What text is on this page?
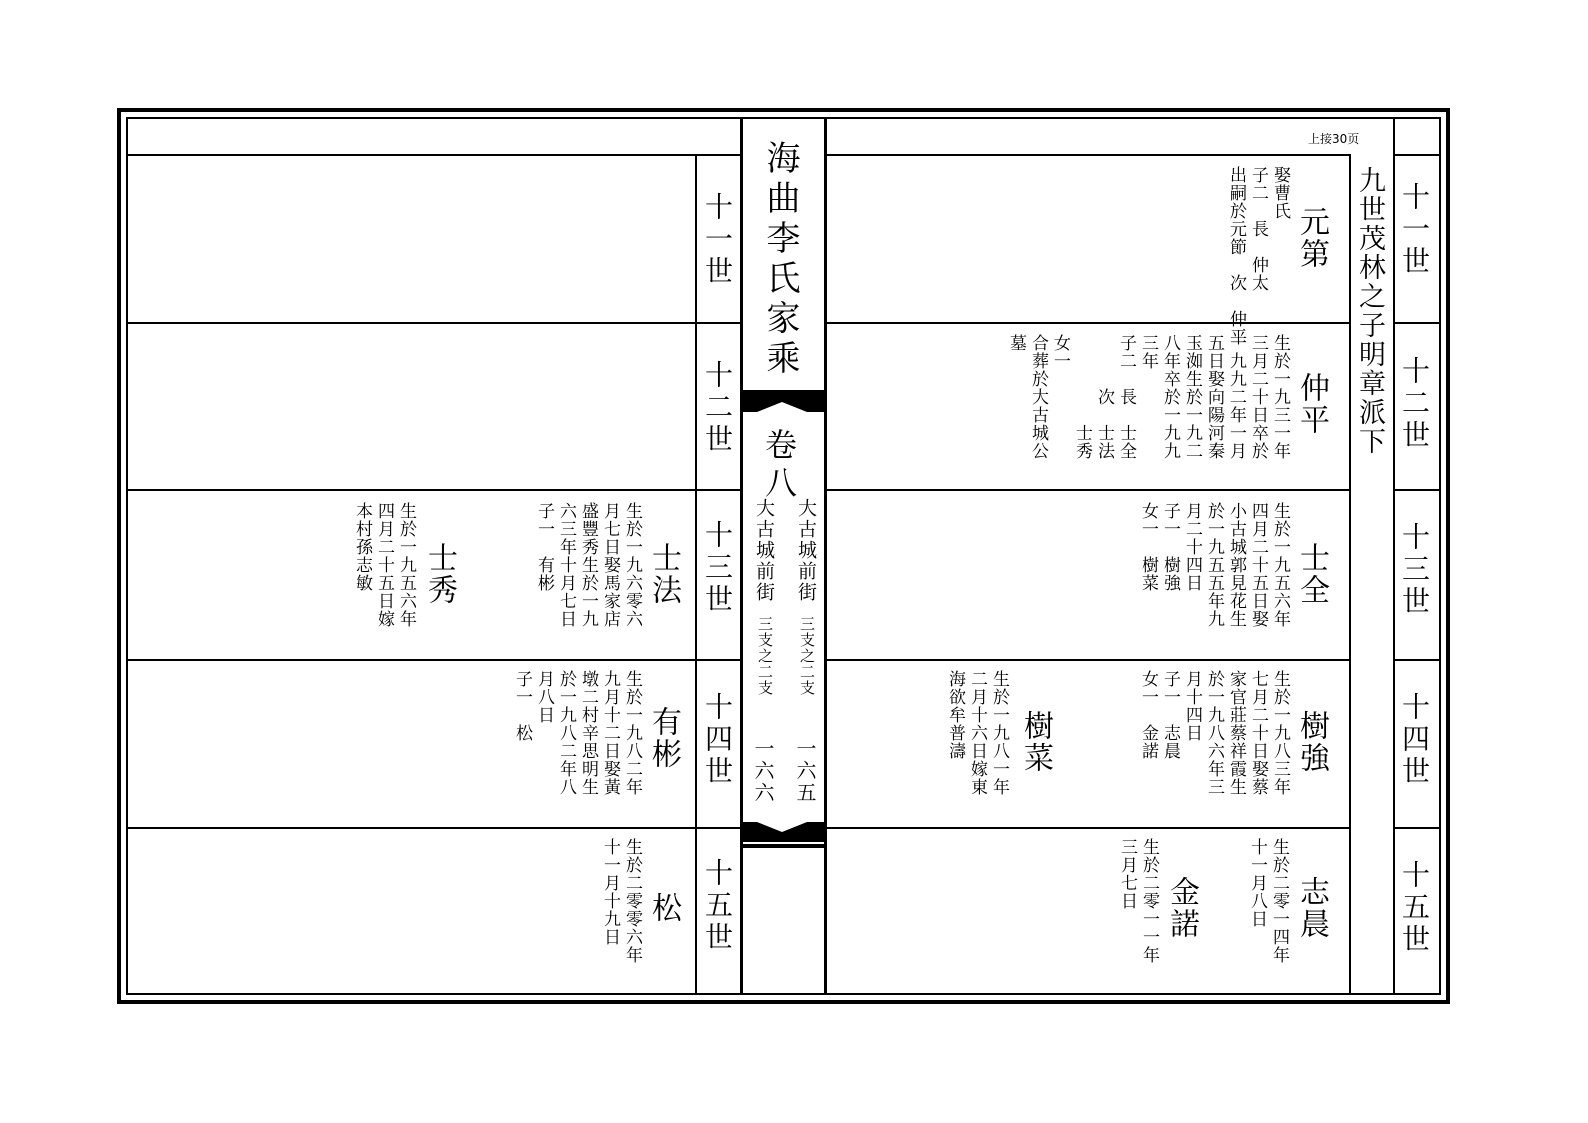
上接30页
九世茂林之子明章派下 十一世
十二世
十三世
十四世
十五世
十一世
十二世
十三世
十四世
十五世
海曲李氏家乘
卷八
大古城前街
大古城前街
三支之二支
三支之二支
一六五
一六六
元第
娶曹氏
子二　長　仲太
出嗣於元節　次　仲平
仲平
生於一九三一年
三月二十日卒於
一九九二年一月
五日娶向陽河秦
玉洳生於一九二
八年卒於一九九
三年
子二　長　士全
　　　次　士法
　　　　　士秀
女一
合葬於大古城公
墓
士全
生於一九五六年
四月二十五日娶
小古城郭見花生
於一九五五年九
月二十四日
子一　樹強
女一　樹菜
樹強
生於一九八三年
七月二十日娶蔡
家官莊蔡祥霞生
於一九八六年三
月十四日
子一　志晨
女一　金諾
樹菜
生於一九八一年
二月十六日嫁東
海欲牟普濤
志晨
生於二零一四年
十一月八日
金諾
生於二零一一年
三月七日
士法
生於一九六零六
月七日娶馬家店
盛豐秀生於一九
六三年十月七日
子一　有彬
士秀
生於一九五六年
四月二十五日嫁
本村孫志敏
有彬
生於一九八二年
九月十二日娶黃
墩二村辛思明生
於一九八二年八
月八日
子一　松
松
生於二零零六年
十一月十九日
